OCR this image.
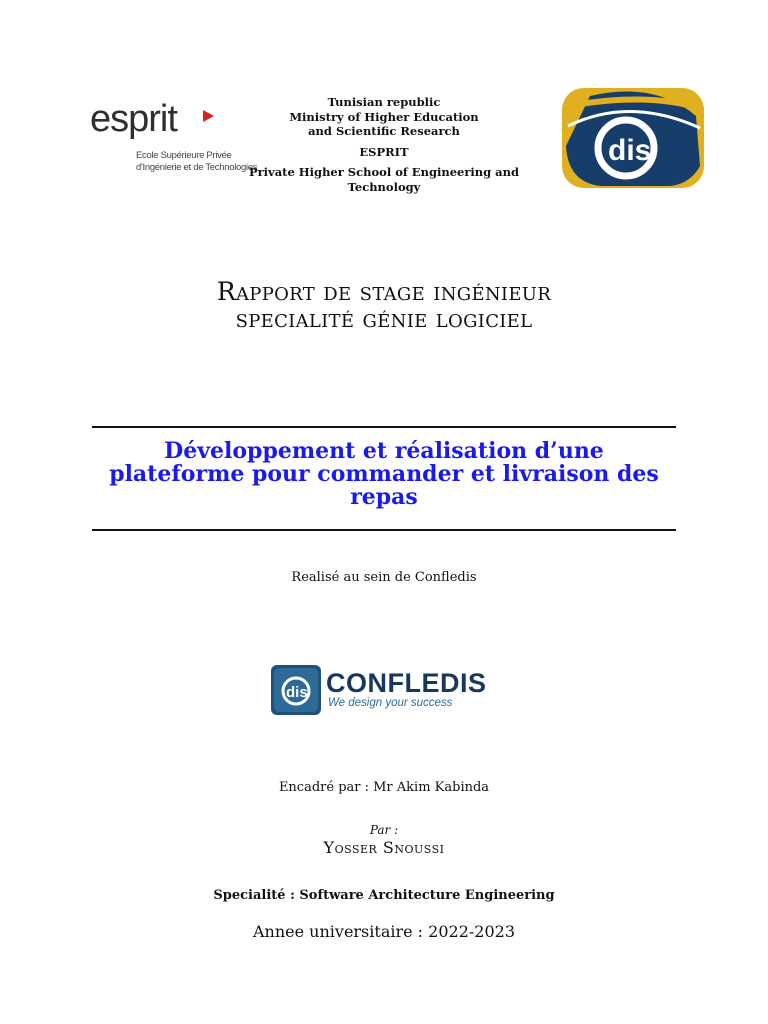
esprit
Ecole Supérieure Privée
d'Ingénierie et de Technologies

Tunisian republic

Ministry of Higher Education

and Scientific Research

ESPRIT

Private Higher School of Engineering and

Technology

dis
Rapport de stage ingénieur
specialité génie logiciel
Développement et réalisation d’une
plateforme pour commander et livraison des
repas
Realisé au sein de Confledis
dis CONFLEDIS
We design your success
Encadré par : Mr Akim Kabinda
Par :
Yosser Snoussi
Specialité : Software Architecture Engineering
Annee universitaire : 2022-2023
